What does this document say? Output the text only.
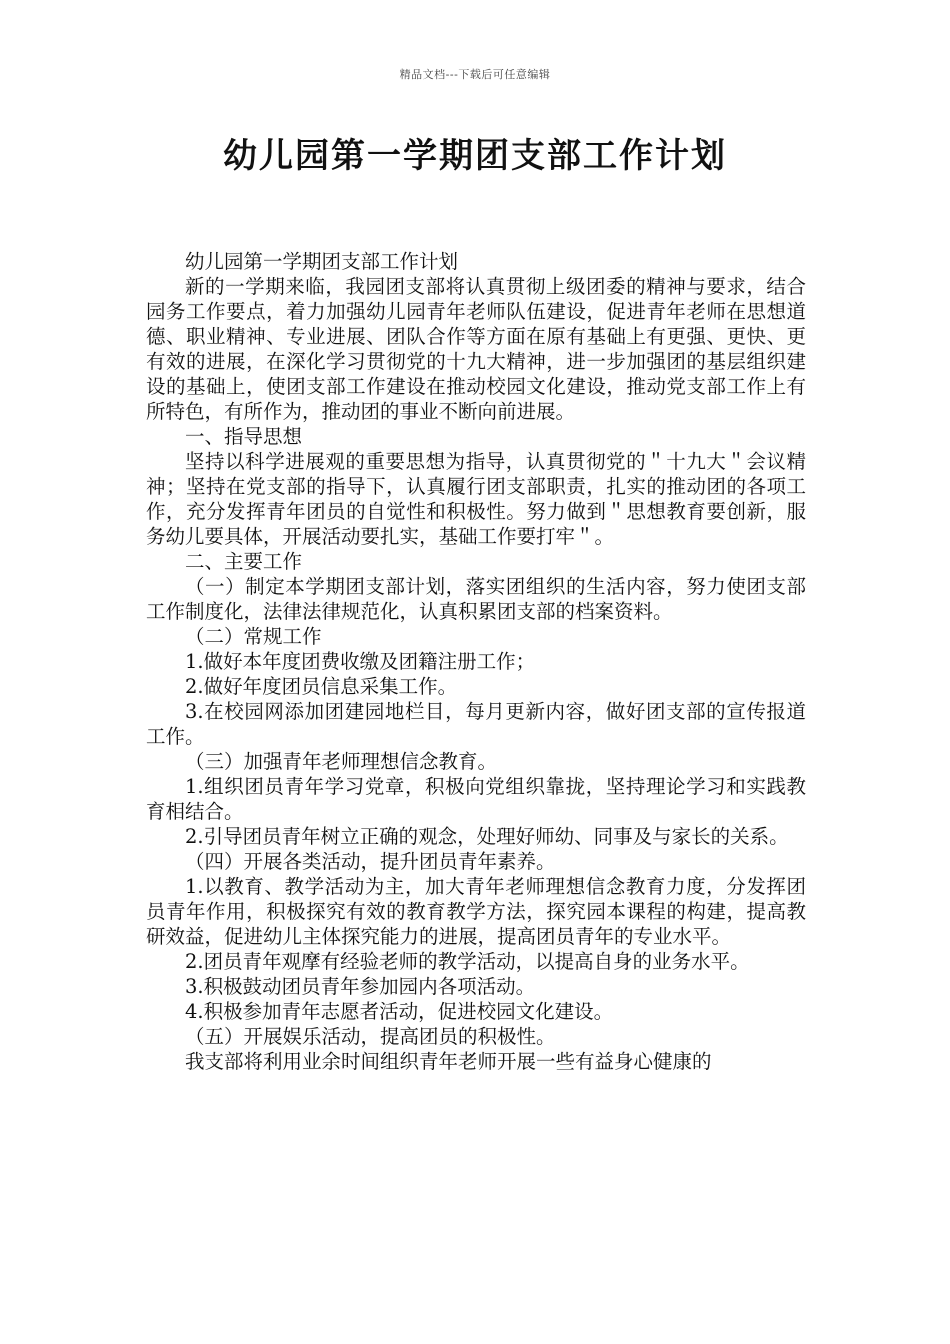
精品文档---下载后可任意编辑
幼儿园第一学期团支部工作计划

幼儿园第一学期团支部工作计划

新的一学期来临，我园团支部将认真贯彻上级团委的精神与要求，结合园务工作要点，着力加强幼儿园青年老师队伍建设，促进青年老师在思想道德、职业精神、专业进展、团队合作等方面在原有基础上有更强、更快、更有效的进展，在深化学习贯彻党的十九大精神，进一步加强团的基层组织建设的基础上，使团支部工作建设在推动校园文化建设，推动党支部工作上有所特色，有所作为，推动团的事业不断向前进展。

一、指导思想

坚持以科学进展观的重要思想为指导，认真贯彻党的＂十九大＂会议精神；坚持在党支部的指导下，认真履行团支部职责，扎实的推动团的各项工作，充分发挥青年团员的自觉性和积极性。努力做到＂思想教育要创新，服务幼儿要具体，开展活动要扎实，基础工作要打牢＂。

二、主要工作

（一）制定本学期团支部计划，落实团组织的生活内容，努力使团支部工作制度化，法律法律规范化，认真积累团支部的档案资料。

（二）常规工作

1.做好本年度团费收缴及团籍注册工作；

2.做好年度团员信息采集工作。

3.在校园网添加团建园地栏目，每月更新内容，做好团支部的宣传报道工作。

（三）加强青年老师理想信念教育。

1.组织团员青年学习党章，积极向党组织靠拢，坚持理论学习和实践教育相结合。

2.引导团员青年树立正确的观念，处理好师幼、同事及与家长的关系。

（四）开展各类活动，提升团员青年素养。

1.以教育、教学活动为主，加大青年老师理想信念教育力度，分发挥团员青年作用，积极探究有效的教育教学方法，探究园本课程的构建，提高教研效益，促进幼儿主体探究能力的进展，提高团员青年的专业水平。

2.团员青年观摩有经验老师的教学活动，以提高自身的业务水平。

3.积极鼓动团员青年参加园内各项活动。

4.积极参加青年志愿者活动，促进校园文化建设。

（五）开展娱乐活动，提高团员的积极性。

我支部将利用业余时间组织青年老师开展一些有益身心健康的
